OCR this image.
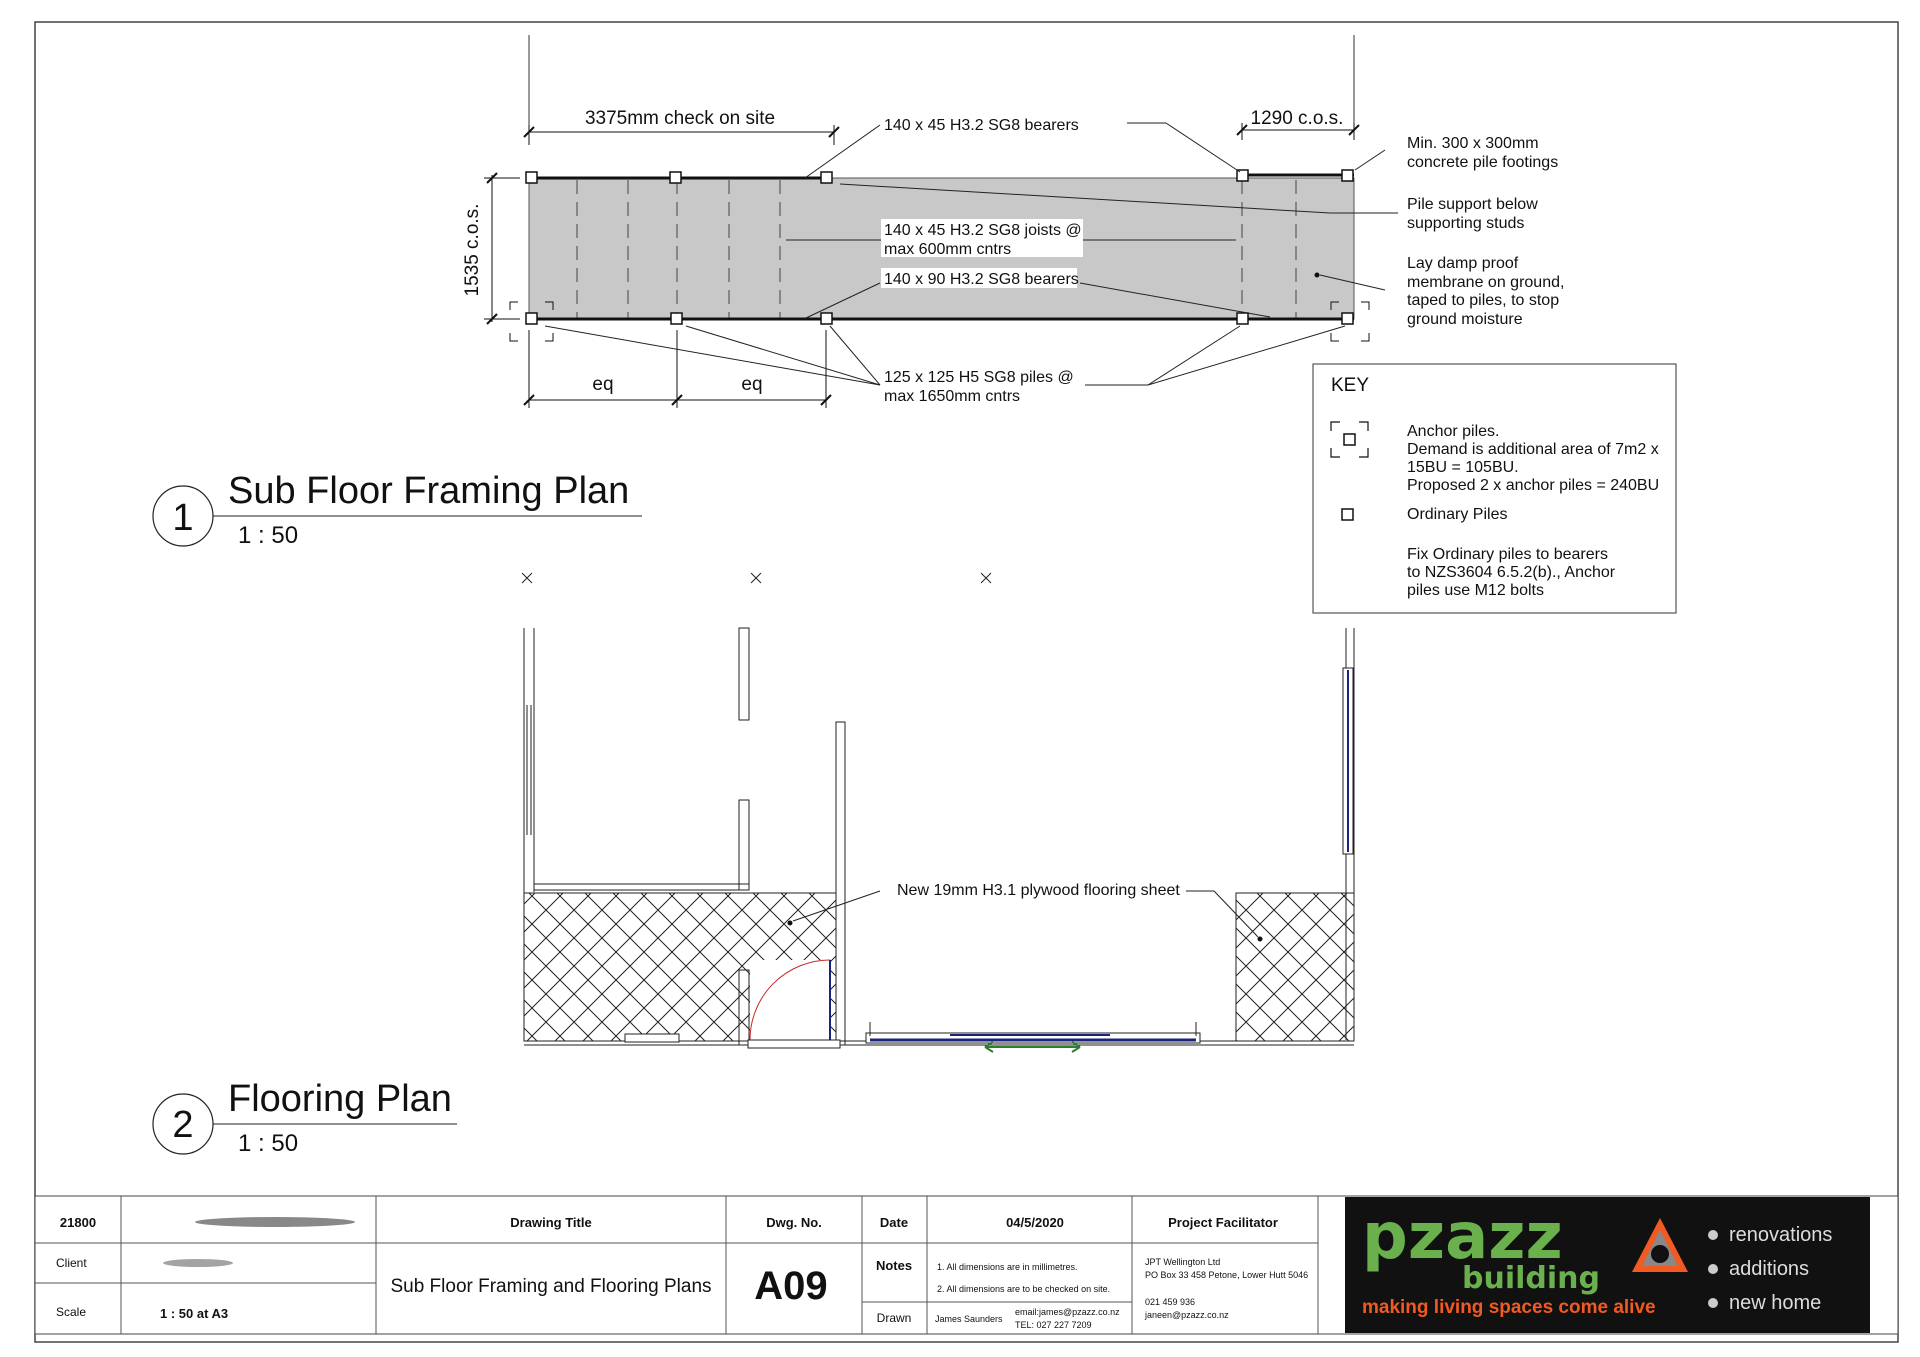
3375mm check on site	1290 c.o.s.
1535 c.o.s.
eq	eq
140 x 45 H3.2 SG8 bearers
140 x 45 H3.2 SG8 joists @
max 600mm cntrs
140 x 90 H3.2 SG8 bearers
125 x 125 H5 SG8 piles @
max 1650mm cntrs
Min. 300 x 300mm
concrete pile footings
Pile support below
supporting studs
Lay damp proof
membrane on ground,
taped to piles, to stop
ground moisture
1
Sub Floor Framing Plan
1 : 50
KEY
Anchor piles.
Demand is additional area of 7m2 x
15BU = 105BU.
Proposed 2 x anchor piles = 240BU
Ordinary Piles
Fix Ordinary piles to bearers
to NZS3604 6.5.2(b)., Anchor
piles use M12 bolts
New 19mm H3.1 plywood flooring sheet
2
Flooring Plan
1 : 50
21800
Client
Scale	1 : 50 at A3
Drawing Title
Sub Floor Framing and Flooring Plans
Dwg. No.
A09
Date	04/5/2020
Notes	1. All dimensions are in millimetres.
2. All dimensions are to be checked on site.
Drawn	James Saunders
email:james@pzazz.co.nz
TEL: 027 227 7209
Project Facilitator
JPT Wellington Ltd
PO Box 33 458 Petone, Lower Hutt 5046
021 459 936
janeen@pzazz.co.nz
pzazz
building
making living spaces come alive
renovations
additions
new home
